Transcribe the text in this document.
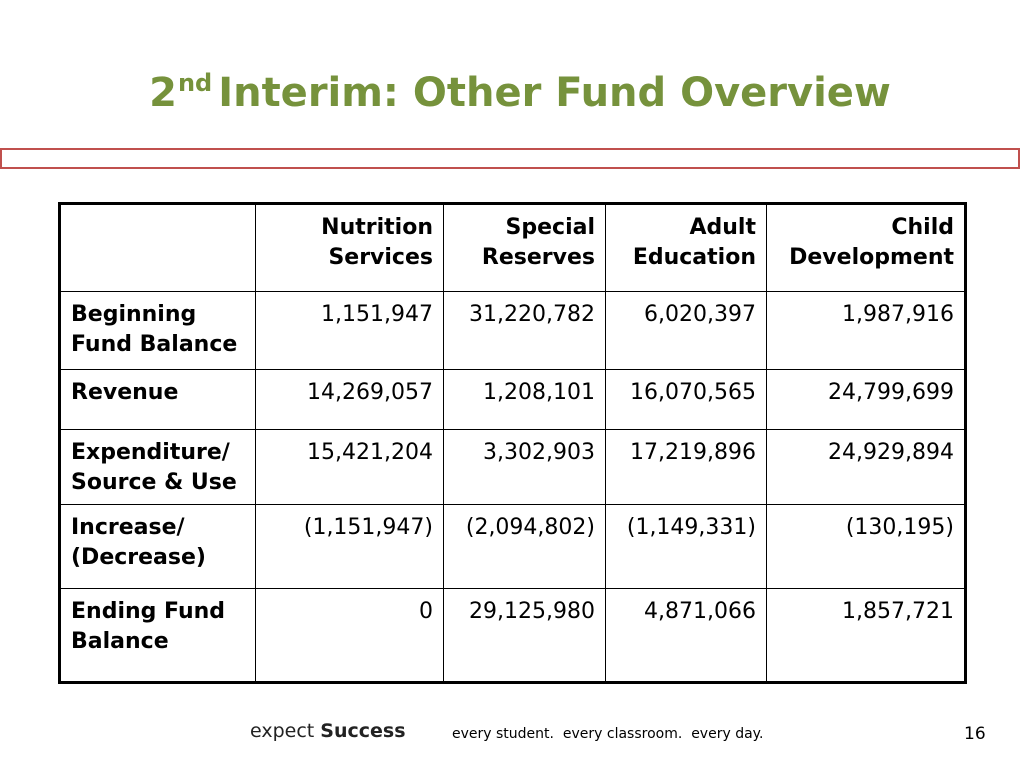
2nd Interim: Other Fund Overview
	Nutrition Services	Special Reserves	Adult Education	Child Development
Beginning Fund Balance	1,151,947	31,220,782	6,020,397	1,987,916
Revenue	14,269,057	1,208,101	16,070,565	24,799,699
Expenditure/ Source & Use	15,421,204	3,302,903	17,219,896	24,929,894
Increase/ (Decrease)	(1,151,947)	(2,094,802)	(1,149,331)	(130,195)
Ending Fund Balance	0	29,125,980	4,871,066	1,857,721
expect Success	every student.  every classroom.  every day.	16
